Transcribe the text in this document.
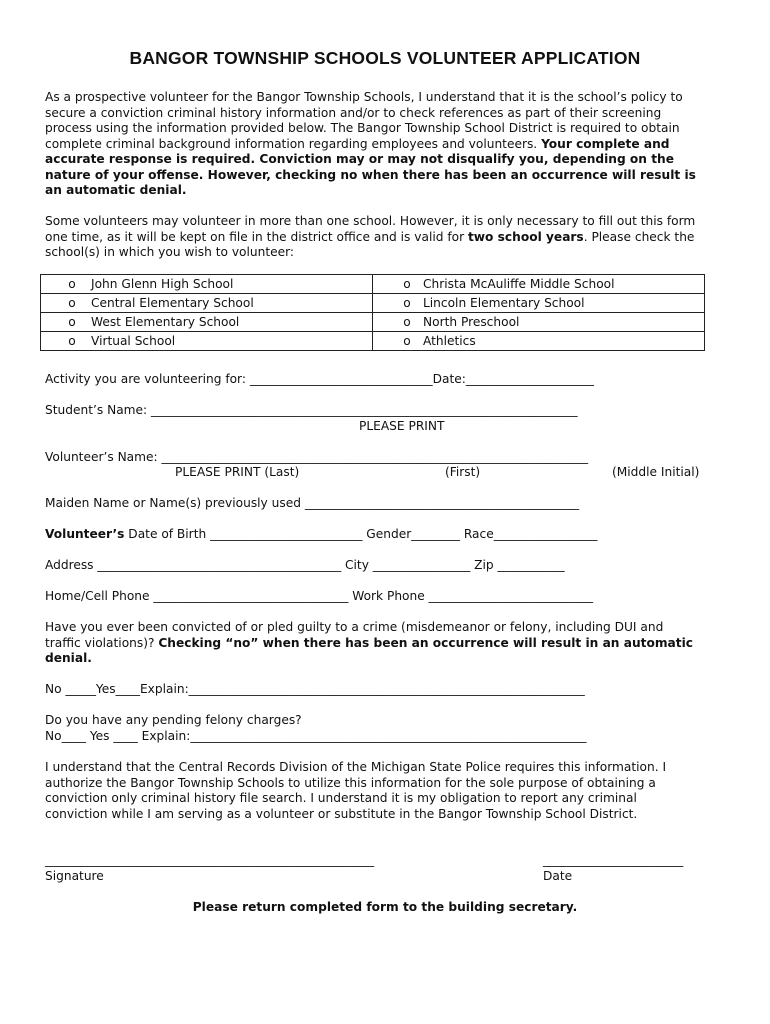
BANGOR TOWNSHIP SCHOOLS VOLUNTEER APPLICATION
As a prospective volunteer for the Bangor Township Schools, I understand that it is the school’s policy to
secure a conviction criminal history information and/or to check references as part of their screening
process using the information provided below. The Bangor Township School District is required to obtain
complete criminal background information regarding employees and volunteers. Your complete and
accurate response is required. Conviction may or may not disqualify you, depending on the
nature of your offense. However, checking no when there has been an occurrence will result is
an automatic denial.
Some volunteers may volunteer in more than one school. However, it is only necessary to fill out this form
one time, as it will be kept on file in the district office and is valid for two school years. Please check the
school(s) in which you wish to volunteer:
o John Glenn High School	o Christa McAuliffe Middle School

o Central Elementary School	o Lincoln Elementary School

o West Elementary School	o North Preschool

o Virtual School	o Athletics
Activity you are volunteering for: ______________________________Date:_____________________
Student’s Name: ______________________________________________________________________
PLEASE PRINT
Volunteer’s Name: ______________________________________________________________________
PLEASE PRINT (Last)	(First)	(Middle Initial)
Maiden Name or Name(s) previously used _____________________________________________
Volunteer’s Date of Birth _________________________ Gender________ Race_________________
Address ________________________________________ City ________________ Zip ___________
Home/Cell Phone ________________________________ Work Phone ___________________________
Have you ever been convicted of or pled guilty to a crime (misdemeanor or felony, including DUI and
traffic violations)? Checking “no” when there has been an occurrence will result in an automatic
denial.
No _____Yes____Explain:_________________________________________________________________
Do you have any pending felony charges?
No____ Yes ____ Explain:_________________________________________________________________
I understand that the Central Records Division of the Michigan State Police requires this information. I
authorize the Bangor Township Schools to utilize this information for the sole purpose of obtaining a
conviction only criminal history file search. I understand it is my obligation to report any criminal
conviction while I am serving as a volunteer or substitute in the Bangor Township School District.
______________________________________________________
Signature
_______________________
Date
Please return completed form to the building secretary.
